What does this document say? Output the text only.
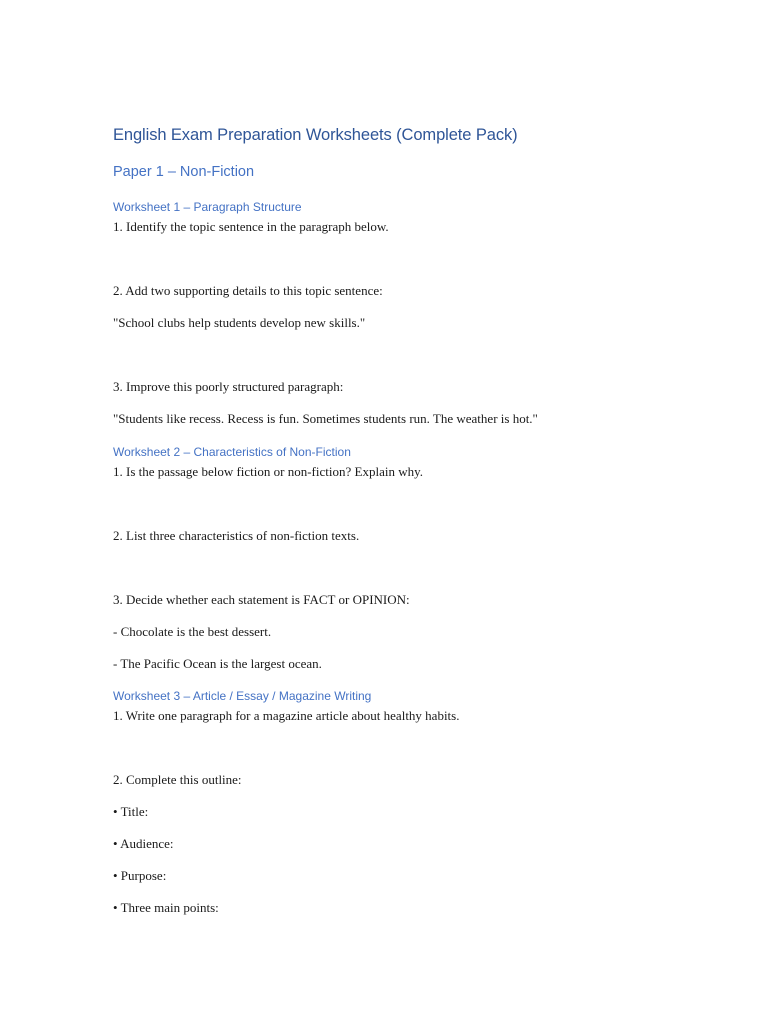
English Exam Preparation Worksheets (Complete Pack)
Paper 1 – Non-Fiction
Worksheet 1 – Paragraph Structure
1. Identify the topic sentence in the paragraph below.
2. Add two supporting details to this topic sentence:
"School clubs help students develop new skills."
3. Improve this poorly structured paragraph:
"Students like recess. Recess is fun. Sometimes students run. The weather is hot."
Worksheet 2 – Characteristics of Non-Fiction
1. Is the passage below fiction or non-fiction? Explain why.
2. List three characteristics of non-fiction texts.
3. Decide whether each statement is FACT or OPINION:
- Chocolate is the best dessert.
- The Pacific Ocean is the largest ocean.
Worksheet 3 – Article / Essay / Magazine Writing
1. Write one paragraph for a magazine article about healthy habits.
2. Complete this outline:
• Title:
• Audience:
• Purpose:
• Three main points:
